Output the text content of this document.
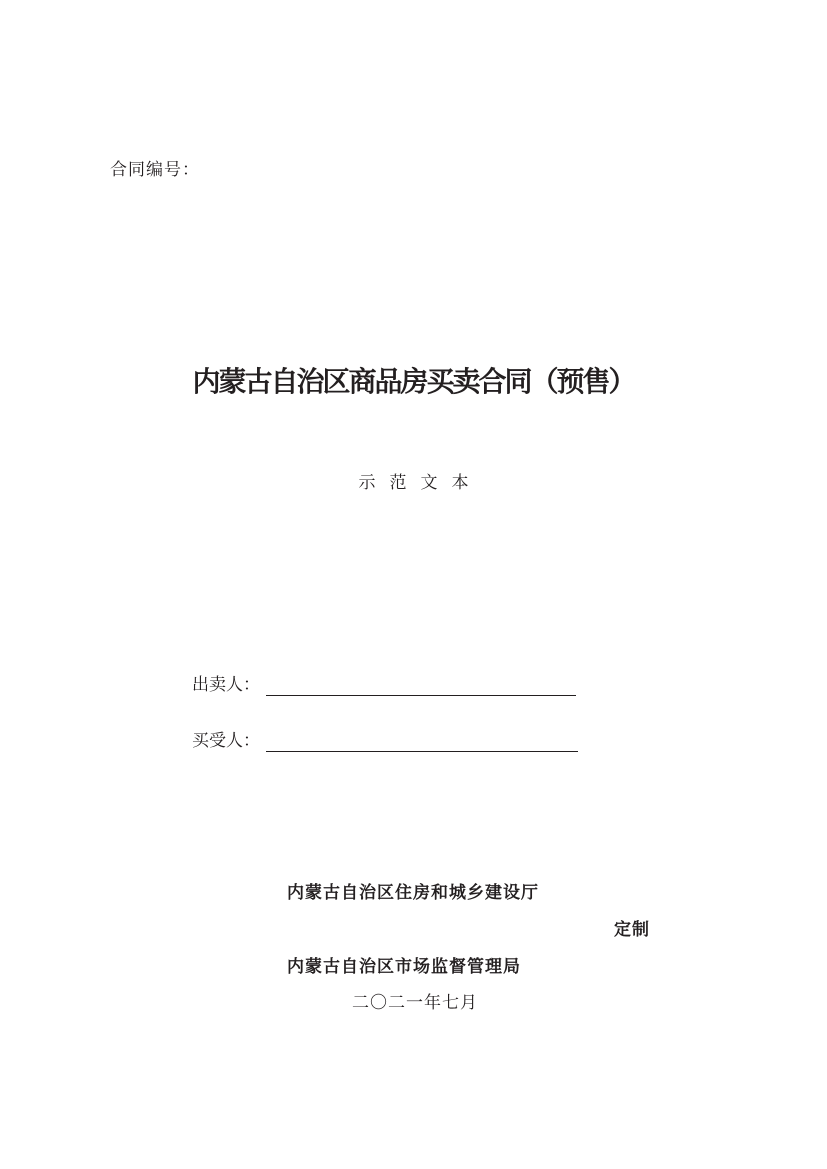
合同编号：
内蒙古自治区商品房买卖合同（预售）
示范文本
出卖人：
买受人：
内蒙古自治区住房和城乡建设厅
定制
内蒙古自治区市场监督管理局
二〇二一年七月
